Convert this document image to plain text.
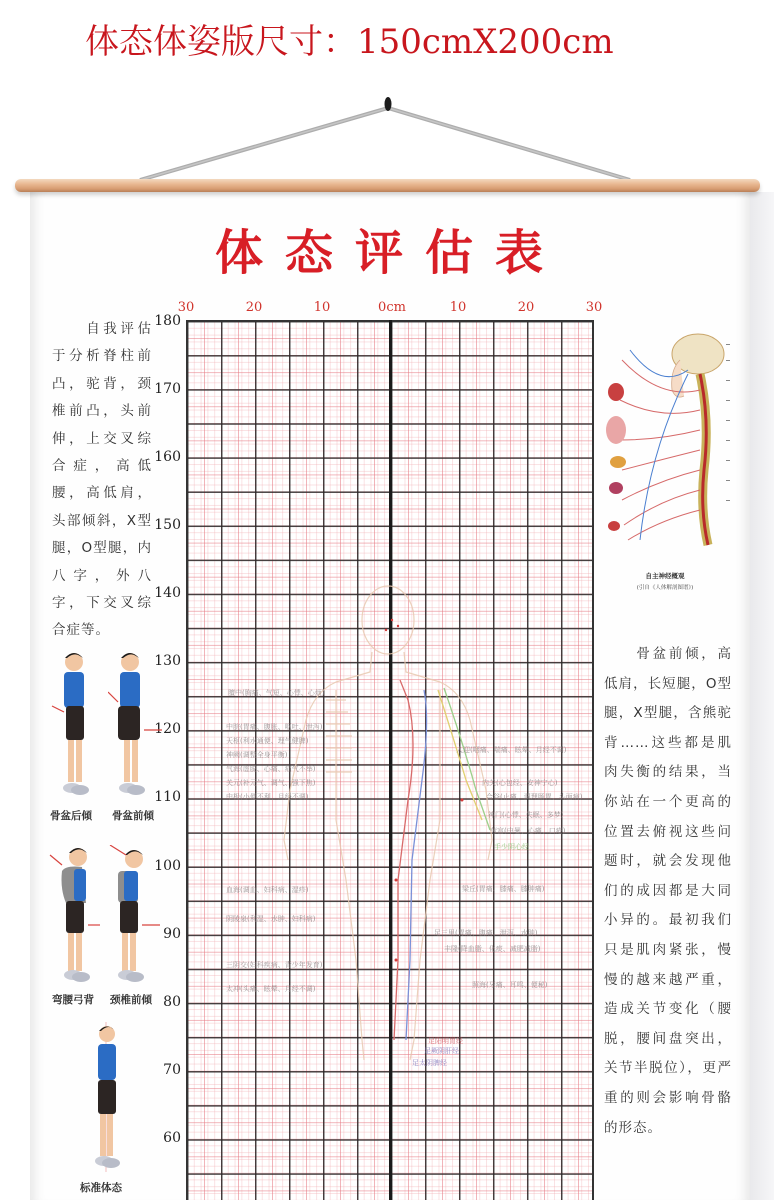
体态体姿版尺寸：150cmX200cm
体态评估表
30	20	10	0cm	10	20	30
膻中(胸痛、气短、心悸、心烦)
中脘(胃痛、腹胀、呕吐、泄泻)
天枢(利水通便、理气健脾)
神阙(调整全身平衡)
气海(虚脱、心痛、疝气不举)
关元(补元气、调气、强下焦)
中极(小便不利、月经不调)
血海(调血、妇科病、湿疹)
阴陵泉(利湿、水肿、妇科病)
三阴交(妇科疾病、青少年发育)
太冲(头痛、眩晕、月经不调)
人迎(咽痛、喘痛、眩晕、月经不调)
内关(心包经、安神宁心)
合谷(止痛、调理肠胃、头面病)
神门(心悸、失眠、多梦)
劳宫(中暑、心痛、口疮)
手少阴心经
梁丘(胃痛、膝痛、膝肿痛)
足三里(胃痛、腹痛、泄泻、水肿)
丰隆(降血脂、化痰、减肥减脂)
照海(牙痛、耳鸣、便秘)
足阳明胃经
足厥阴肝经
足太阴脾经
180
170
160
150
140
130
120
110
100
90
80
70
60
　　自我评估于分析脊柱前凸，驼背，颈椎前凸，头前伸，上交叉综合症，高低腰，高低肩，头部倾斜，X型腿，O型腿，内八字，外八字，下交叉综合症等。
骨盆后倾 骨盆前倾
弯腰弓背 颈椎前倾
标准体态
自主神经概观
(引自《人体解剖图谱》)
　　骨盆前倾，高低肩，长短腿，O型腿，X型腿，含熊驼背……这些都是肌肉失衡的结果，当你站在一个更高的位置去俯视这些问题时，就会发现他们的成因都是大同小异的。最初我们只是肌肉紧张，慢慢的越来越严重，造成关节变化（腰脱，腰间盘突出，关节半脱位），更严重的则会影响骨骼的形态。
